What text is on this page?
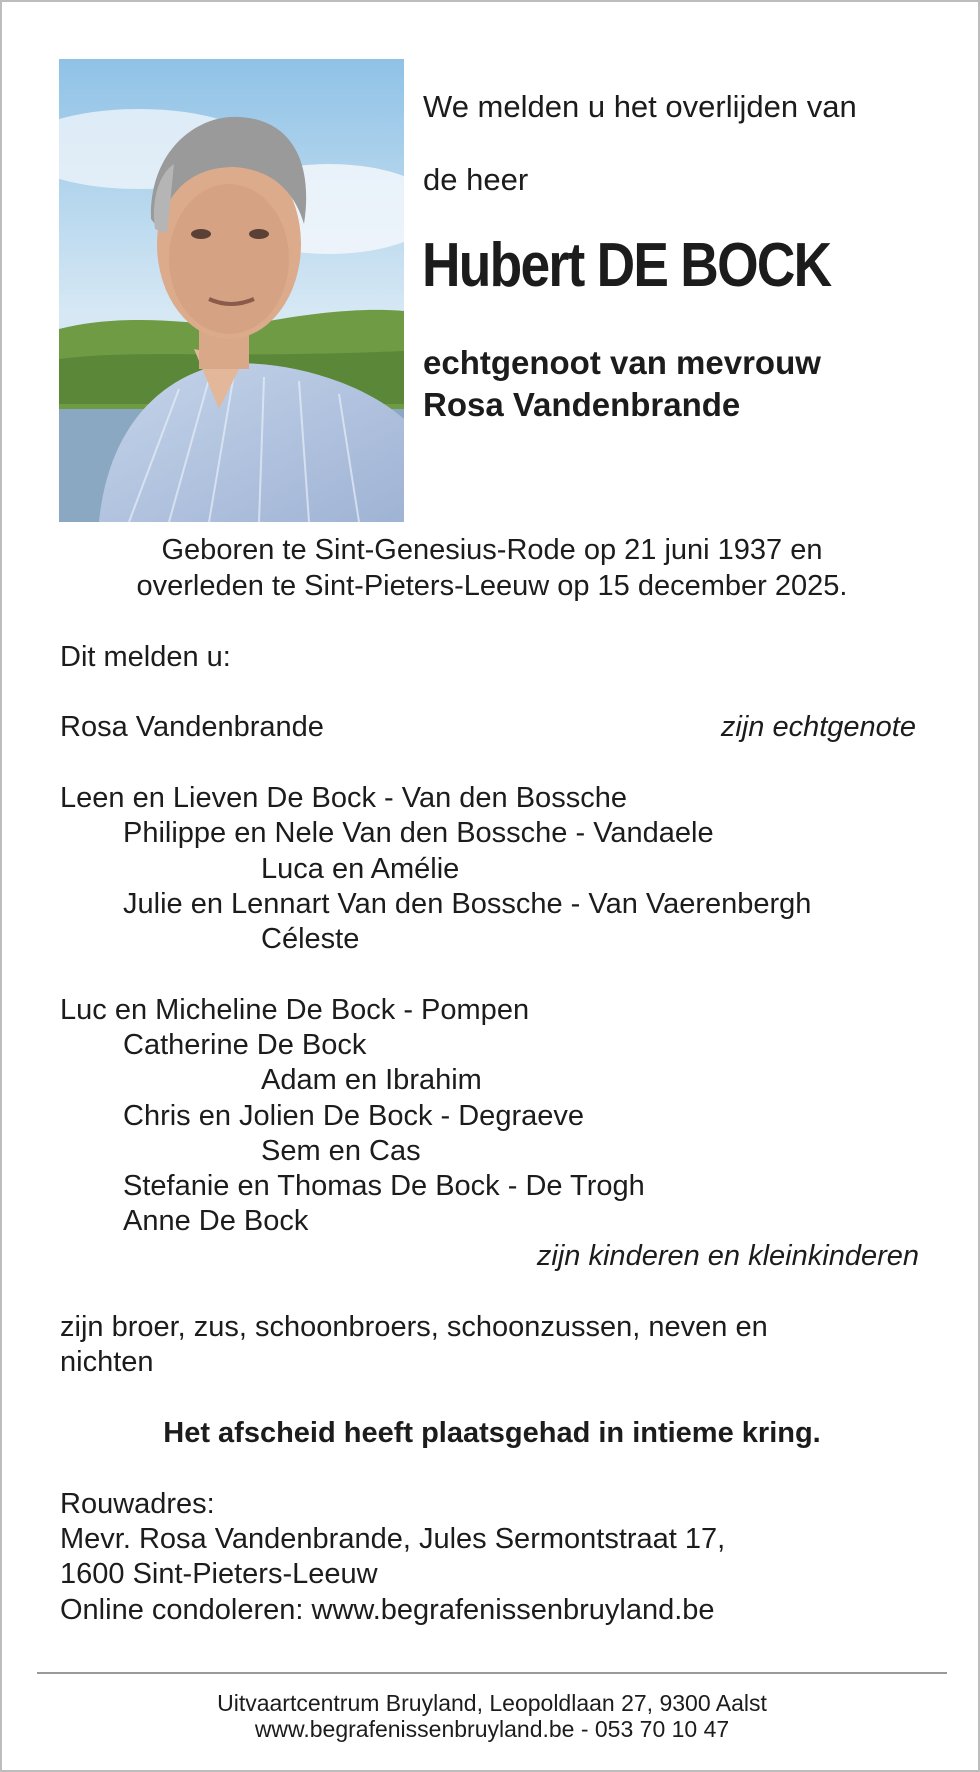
We melden u het overlijden van
de heer
Hubert DE BOCK
echtgenoot van mevrouw
Rosa Vandenbrande
Geboren te Sint-Genesius-Rode op 21 juni 1937 en
overleden te Sint-Pieters-Leeuw op 15 december 2025.
Dit melden u:
Rosa Vandenbrande	zijn echtgenote
Leen en Lieven De Bock - Van den Bossche
Philippe en Nele Van den Bossche - Vandaele
Luca en Amélie
Julie en Lennart Van den Bossche - Van Vaerenbergh
Céleste
Luc en Micheline De Bock - Pompen
Catherine De Bock
Adam en Ibrahim
Chris en Jolien De Bock - Degraeve
Sem en Cas
Stefanie en Thomas De Bock - De Trogh
Anne De Bock
zijn kinderen en kleinkinderen
zijn broer, zus, schoonbroers, schoonzussen, neven en
nichten
Het afscheid heeft plaatsgehad in intieme kring.
Rouwadres:
Mevr. Rosa Vandenbrande, Jules Sermontstraat 17,
1600 Sint-Pieters-Leeuw
Online condoleren: www.begrafenissenbruyland.be
Uitvaartcentrum Bruyland, Leopoldlaan 27, 9300 Aalst
www.begrafenissenbruyland.be - 053 70 10 47
